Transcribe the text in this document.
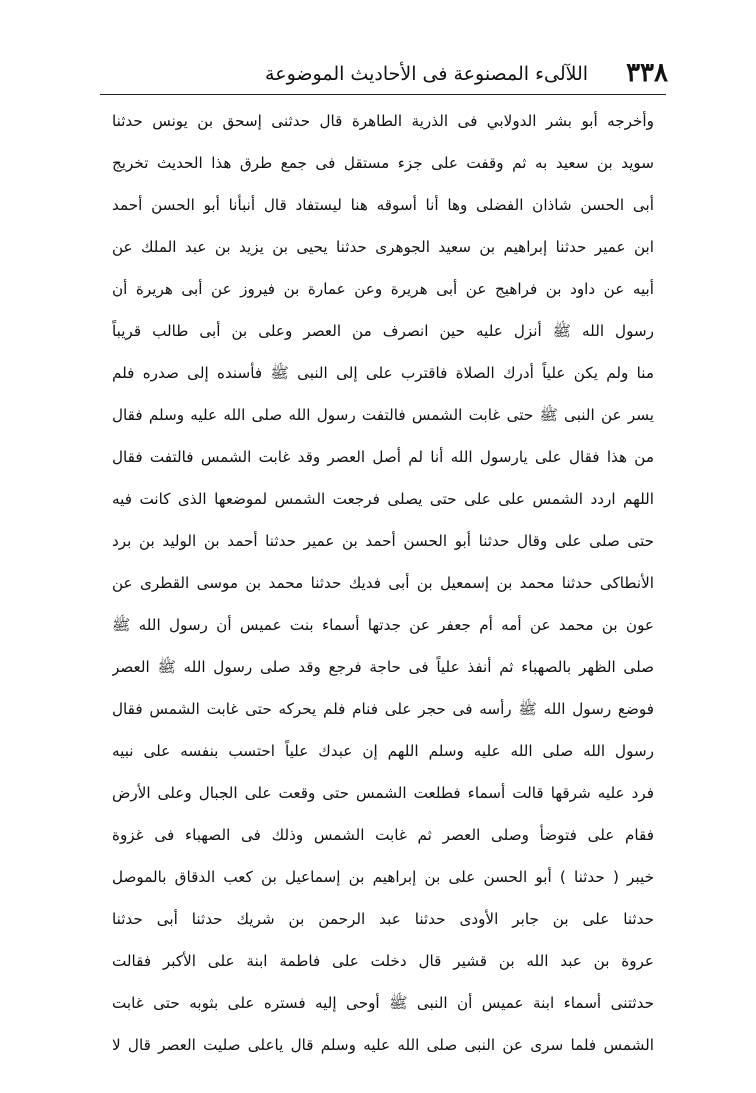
٣٣٨
اللآلىء المصنوعة فى الأحاديث الموضوعة
وأخرجه أبو بشر الدولابي فى الذرية الطاهرة قال حدثنى إسحق بن يونس حدثنا
سويد بن سعيد به ثم وقفت على جزء مستقل فى جمع طرق هذا الحديث تخريج
أبى الحسن شاذان الفضلى وها أنا أسوقه هنا ليستفاد قال أنبأنا أبو الحسن أحمد
ابن عمير حدثنا إبراهيم بن سعيد الجوهرى حدثنا يحيى بن يزيد بن عبد الملك عن
أبيه عن داود بن فراهيج عن أبى هريرة وعن عمارة بن فيروز عن أبى هريرة أن
رسول الله ﷺ أنزل عليه حين انصرف من العصر وعلى بن أبى طالب قريباً
منا ولم يكن علياً أدرك الصلاة فاقترب على إلى النبى ﷺ فأسنده إلى صدره فلم
يسر عن النبى ﷺ حتى غابت الشمس فالتفت رسول الله صلى الله عليه وسلم فقال
من هذا فقال على يارسول الله أنا لم أصل العصر وقد غابت الشمس فالتفت فقال
اللهم اردد الشمس على على حتى يصلى فرجعت الشمس لموضعها الذى كانت فيه
حتى صلى على وقال حدثنا أبو الحسن أحمد بن عمير حدثنا أحمد بن الوليد بن برد
الأنطاكى حدثنا محمد بن إسمعيل بن أبى فديك حدثنا محمد بن موسى القطرى عن
عون بن محمد عن أمه أم جعفر عن جدتها أسماء بنت عميس أن رسول الله ﷺ
صلى الظهر بالصهباء ثم أنفذ علياً فى حاجة فرجع وقد صلى رسول الله ﷺ العصر
فوضع رسول الله ﷺ رأسه فى حجر على فنام فلم يحركه حتى غابت الشمس فقال
رسول الله صلى الله عليه وسلم اللهم إن عبدك علياً احتسب بنفسه على نبيه
فرد عليه شرقها قالت أسماء فطلعت الشمس حتى وقعت على الجبال وعلى الأرض
فقام على فتوضأ وصلى العصر ثم غابت الشمس وذلك فى الصهباء فى غزوة
خيبر ( حدثنا ) أبو الحسن على بن إبراهيم بن إسماعيل بن كعب الدقاق بالموصل
حدثنا على بن جابر الأودى حدثنا عبد الرحمن بن شريك حدثنا أبى حدثنا
عروة بن عبد الله بن قشير قال دخلت على فاطمة ابنة على الأكبر فقالت
حدثتنى أسماء ابنة عميس أن النبى ﷺ أوحى إليه فستره على بثوبه حتى غابت
الشمس فلما سرى عن النبى صلى الله عليه وسلم قال ياعلى صليت العصر قال لا
